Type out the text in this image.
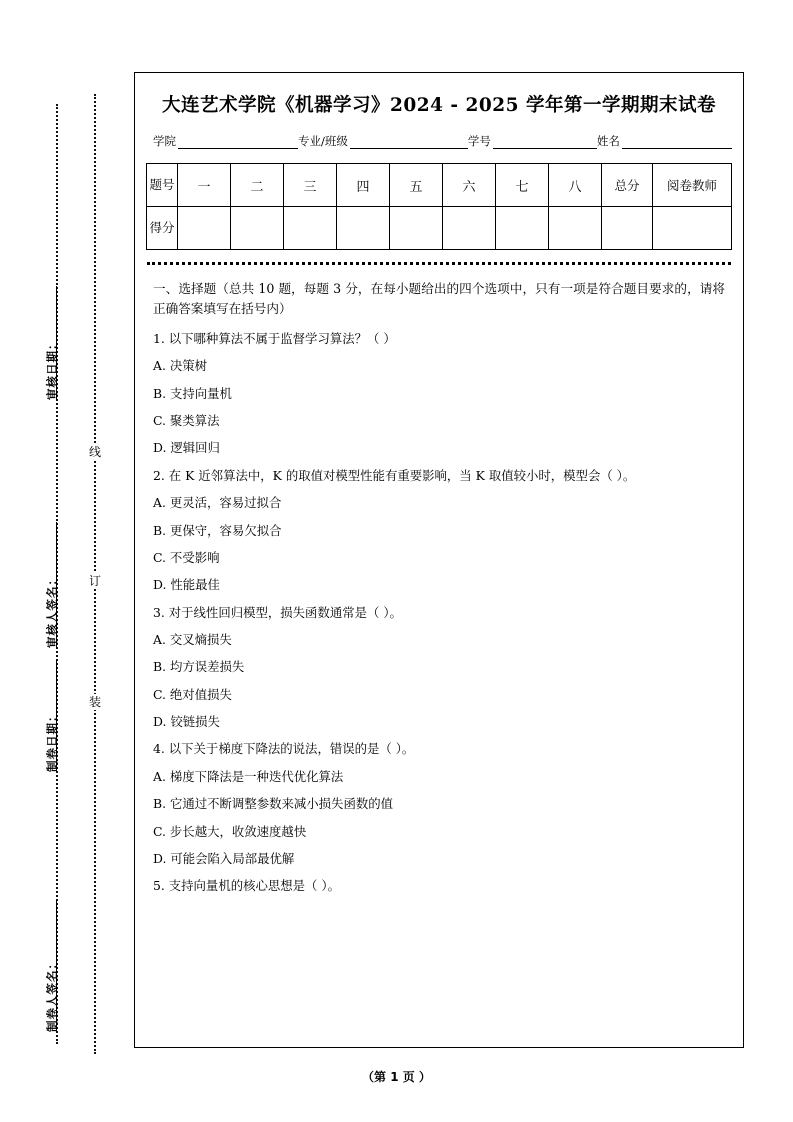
线
订
装
审核日期：
审核人签名：
制卷日期：
制卷人签名：
大连艺术学院《机器学习》2024 - 2025 学年第一学期期末试卷
学院	专业/班级	学号	姓名
题号	一	二	三	四	五	六	七	八	总分	阅卷教师
得分										
一、选择题（总共 10 题，每题 3 分，在每小题给出的四个选项中，只有一项是符合题目要求的，请将正确答案填写在括号内）
1. 以下哪种算法不属于监督学习算法？（ ）
A. 决策树
B. 支持向量机
C. 聚类算法
D. 逻辑回归
2. 在 K 近邻算法中，K 的取值对模型性能有重要影响，当 K 取值较小时，模型会（ ）。
A. 更灵活，容易过拟合
B. 更保守，容易欠拟合
C. 不受影响
D. 性能最佳
3. 对于线性回归模型，损失函数通常是（ ）。
A. 交叉熵损失
B. 均方误差损失
C. 绝对值损失
D. 铰链损失
4. 以下关于梯度下降法的说法，错误的是（ ）。
A. 梯度下降法是一种迭代优化算法
B. 它通过不断调整参数来减小损失函数的值
C. 步长越大，收敛速度越快
D. 可能会陷入局部最优解
5. 支持向量机的核心思想是（ ）。
（第 1 页 ）
